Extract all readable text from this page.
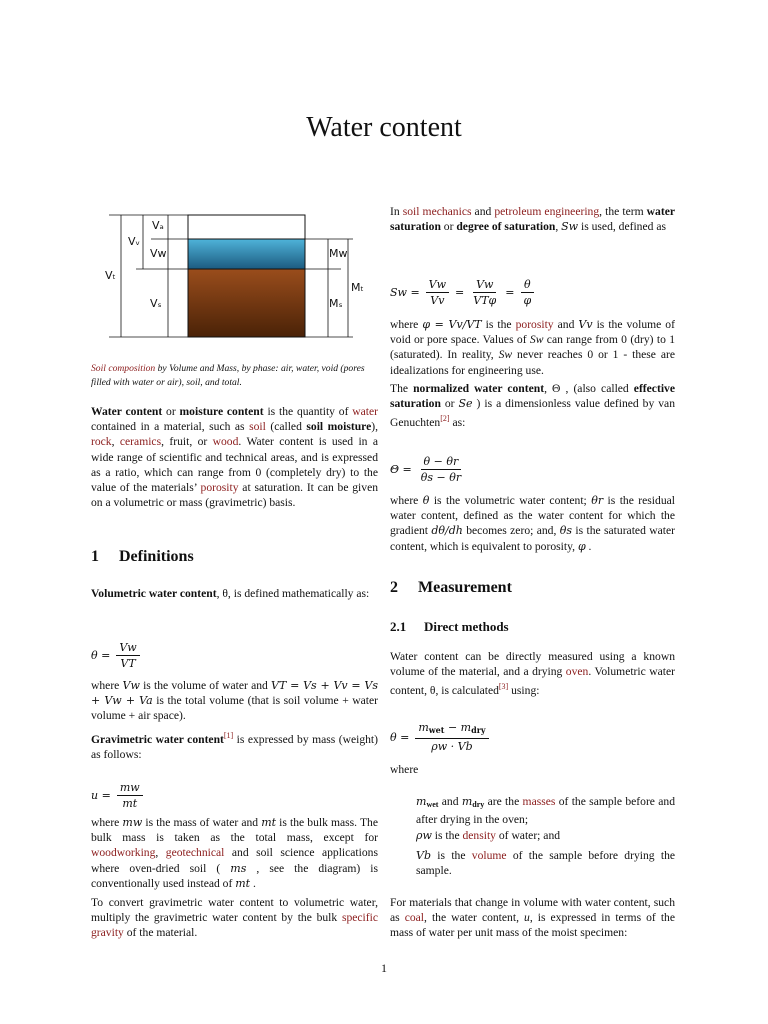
Water content
Vₐ
Vᵥ
Vw
Vₜ
Vₛ
Mw
Mₜ
Mₛ
Soil composition by Volume and Mass, by phase: air, water, void (pores filled with water or air), soil, and total.

Water content or moisture content is the quantity of water contained in a material, such as soil (called soil moisture), rock, ceramics, fruit, or wood. Water content is used in a wide range of scientific and technical areas, and is expressed as a ratio, which can range from 0 (completely dry) to the value of the materials’ porosity at saturation. It can be given on a volumetric or mass (gravimetric) basis.

1 Definitions

Volumetric water content, θ, is defined mathematically as:

$\theta = \frac{Vw}{VT}$

where Vw is the volume of water and VT = Vs + Vv = Vs + Vw + Va is the total volume (that is soil volume + water volume + air space).

Gravimetric water content[1] is expressed by mass (weight) as follows:

$u = \frac{mw}{mt}$

where mw is the mass of water and mt is the bulk mass. The bulk mass is taken as the total mass, except for woodworking, geotechnical and soil science applications where oven-dried soil ( ms , see the diagram) is conventionally used instead of mt .

To convert gravimetric water content to volumetric water, multiply the gravimetric water content by the bulk specific gravity of the material.

In soil mechanics and petroleum engineering, the term water saturation or degree of saturation, Sw is used, defined as

$Sw = \frac{Vw}{Vv} = \frac{Vw}{\text{VTφ}} = \frac{\theta}{\varphi}$

where φ = Vv/VT is the porosity and Vv is the volume of void or pore space. Values of Sw can range from 0 (dry) to 1 (saturated). In reality, Sw never reaches 0 or 1 - these are idealizations for engineering use.

The normalized water content, Θ , (also called effective saturation or Se ) is a dimensionless value defined by van Genuchten[2] as:

$\Theta = \frac{\theta - \theta r}{\theta s - \theta r}$

where θ is the volumetric water content; θr is the residual water content, defined as the water content for which the gradient dθ/dh becomes zero; and, θs is the saturated water content, which is equivalent to porosity, φ .

2 Measurement
2.1 Direct methods

Water content can be directly measured using a known volume of the material, and a drying oven. Volumetric water content, θ, is calculated[3] using:

$\theta = \frac{m_{wet} - m_{dry}}{\rho w \cdot Vb}$

where

$m_{wet}$ and $m_{dry}$ are the masses of the sample before and after drying in the oven;

ρw is the density of water; and

Vb is the volume of the sample before drying the sample.

For materials that change in volume with water content, such as coal, the water content, u, is expressed in terms of the mass of water per unit mass of the moist specimen:

1
